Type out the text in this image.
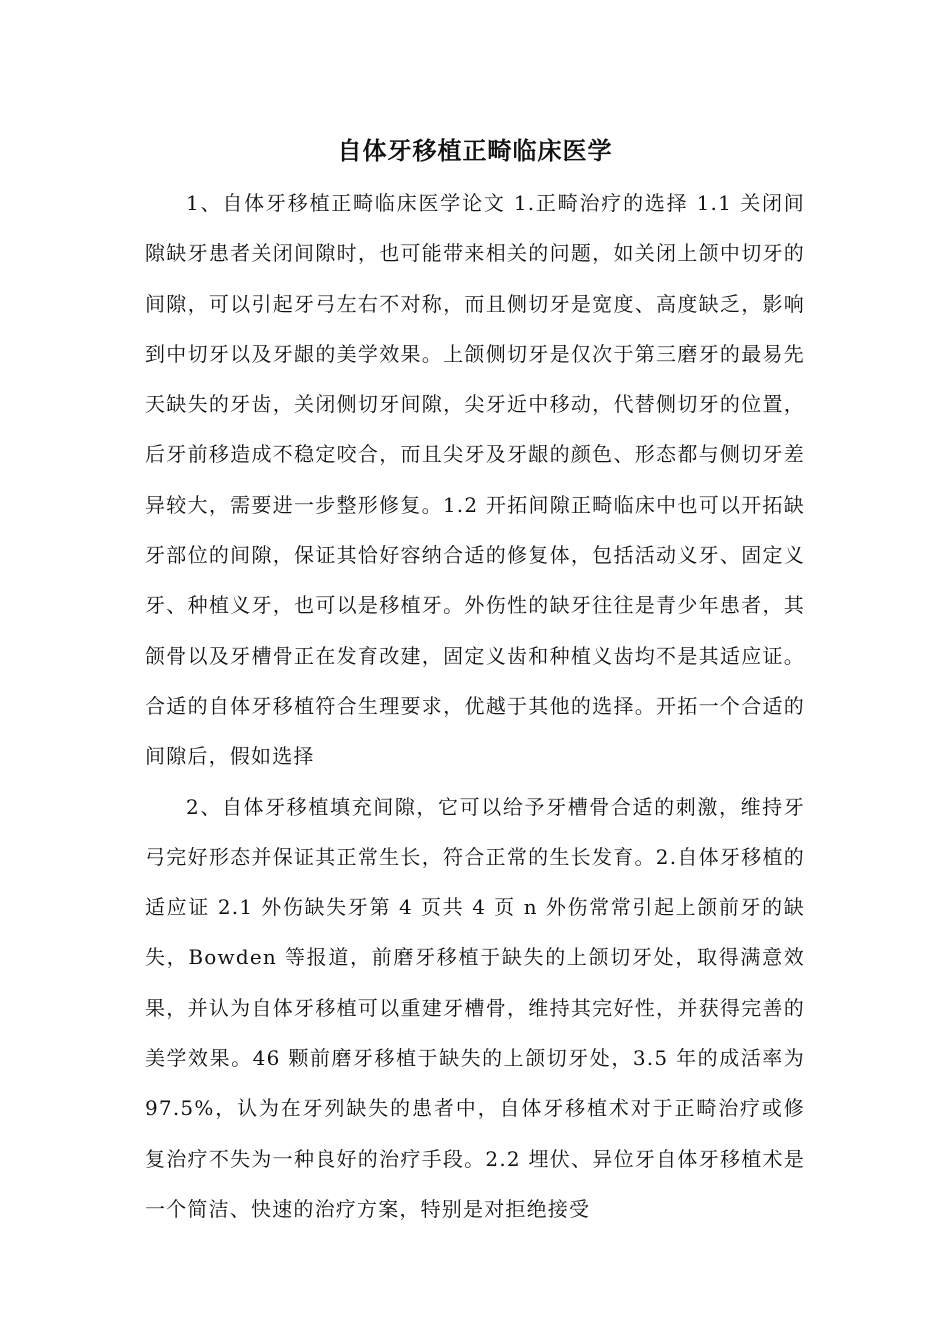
自体牙移植正畸临床医学

1、自体牙移植正畸临床医学论文 1.正畸治疗的选择 1.1 关闭间隙缺牙患者关闭间隙时，也可能带来相关的问题，如关闭上颌中切牙的间隙，可以引起牙弓左右不对称，而且侧切牙是宽度、高度缺乏，影响到中切牙以及牙龈的美学效果。上颌侧切牙是仅次于第三磨牙的最易先天缺失的牙齿，关闭侧切牙间隙，尖牙近中移动，代替侧切牙的位置，后牙前移造成不稳定咬合，而且尖牙及牙龈的颜色、形态都与侧切牙差异较大，需要进一步整形修复。1.2 开拓间隙正畸临床中也可以开拓缺牙部位的间隙，保证其恰好容纳合适的修复体，包括活动义牙、固定义牙、种植义牙，也可以是移植牙。外伤性的缺牙往往是青少年患者，其颌骨以及牙槽骨正在发育改建，固定义齿和种植义齿均不是其适应证。合适的自体牙移植符合生理要求，优越于其他的选择。开拓一个合适的间隙后，假如选择

2、自体牙移植填充间隙，它可以给予牙槽骨合适的刺激，维持牙弓完好形态并保证其正常生长，符合正常的生长发育。2.自体牙移植的适应证 2.1 外伤缺失牙第 4 页共 4 页 n 外伤常常引起上颌前牙的缺失，Bowden 等报道，前磨牙移植于缺失的上颌切牙处，取得满意效果，并认为自体牙移植可以重建牙槽骨，维持其完好性，并获得完善的美学效果。46 颗前磨牙移植于缺失的上颌切牙处，3.5 年的成活率为 97.5%，认为在牙列缺失的患者中，自体牙移植术对于正畸治疗或修复治疗不失为一种良好的治疗手段。2.2 埋伏、异位牙自体牙移植术是一个简洁、快速的治疗方案，特别是对拒绝接受
